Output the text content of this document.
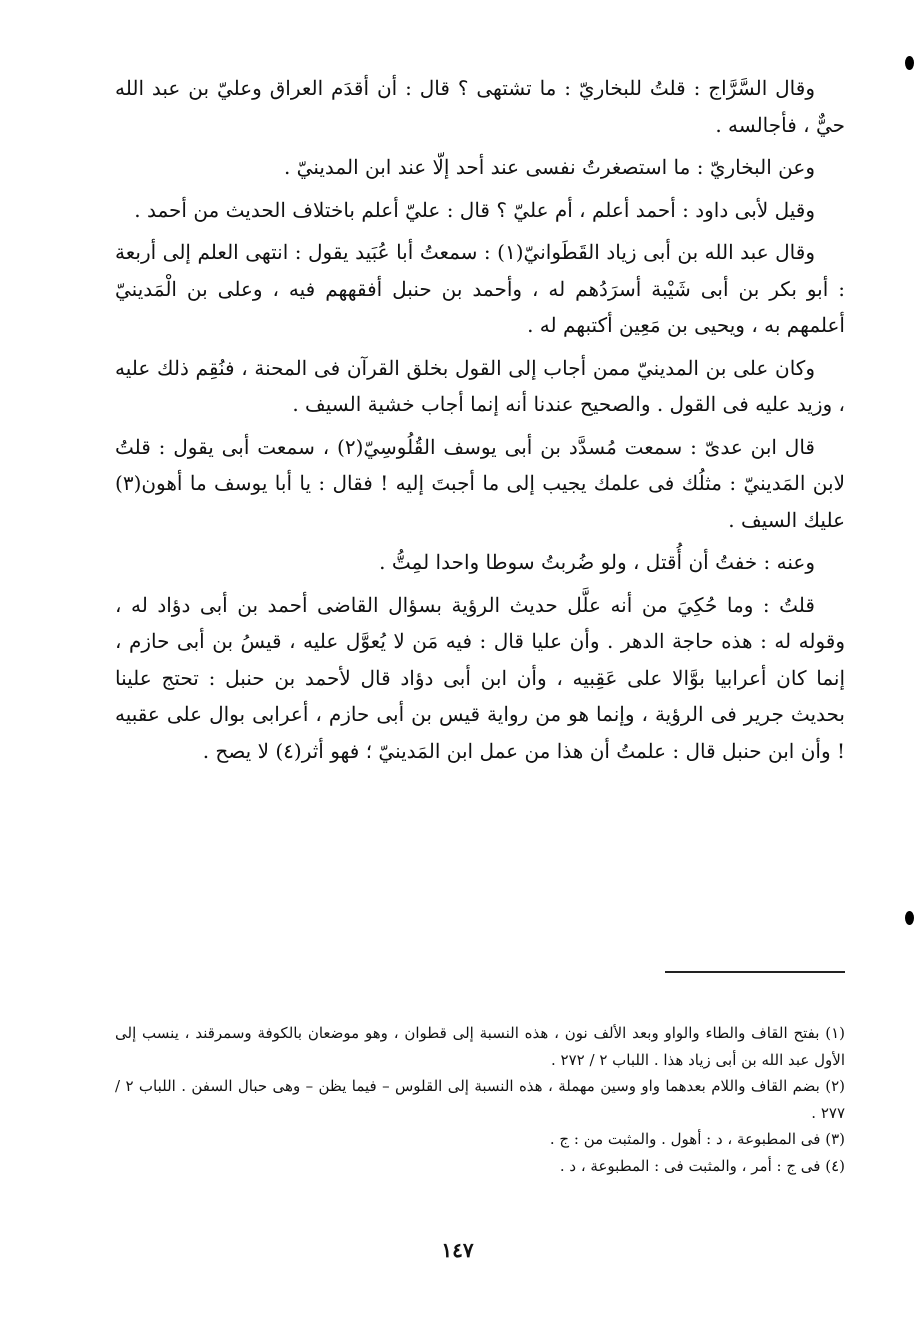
وقال السَّرَّاج : قلتُ للبخاريّ : ما تشتهى ؟ قال : أن أقدَم العراق وعليّ بن عبد الله حيٌّ ، فأجالسه .

وعن البخاريّ : ما استصغرتُ نفسى عند أحد إلّا عند ابن المدينيّ .

وقيل لأبى داود : أحمد أعلم ، أم عليّ ؟ قال : عليّ أعلم باختلاف الحديث من أحمد .

وقال عبد الله بن أبى زياد القَطَوانيّ(١) : سمعتُ أبا عُبَيد يقول : انتهى العلم إلى أربعة : أبو بكر بن أبى شَيْبة أسرَدُهم له ، وأحمد بن حنبل أفقههم فيه ، وعلى بن الْمَدينيّ أعلمهم به ، ويحيى بن مَعِين أكتبهم له .

وكان على بن المدينيّ ممن أجاب إلى القول بخلق القرآن فى المحنة ، فنُقِم ذلك عليه ، وزيد عليه فى القول . والصحيح عندنا أنه إنما أجاب خشية السيف .

قال ابن عدىّ : سمعت مُسدَّد بن أبى يوسف القُلُوسِيّ(٢) ، سمعت أبى يقول : قلتُ لابن المَدينيّ : مثلُك فى علمك يجيب إلى ما أجبتَ إليه ! فقال : يا أبا يوسف ما أهون(٣) عليك السيف .

وعنه : خفتُ أن أُقتل ، ولو ضُربتُ سوطا واحدا لمِتُّ .

قلتُ : وما حُكِيَ من أنه علَّل حديث الرؤية بسؤال القاضى أحمد بن أبى دؤاد له ، وقوله له : هذه حاجة الدهر . وأن عليا قال : فيه مَن لا يُعوَّل عليه ، قيسُ بن أبى حازم ، إنما كان أعرابيا بوَّالا على عَقِبيه ، وأن ابن أبى دؤاد قال لأحمد بن حنبل : تحتج علينا بحديث جرير فى الرؤية ، وإنما هو من رواية قيس بن أبى حازم ، أعرابى بوال على عقبيه ! وأن ابن حنبل قال : علمتُ أن هذا من عمل ابن المَدينيّ ؛ فهو أثر(٤) لا يصح .

(١) بفتح القاف والطاء والواو وبعد الألف نون ، هذه النسبة إلى قطوان ، وهو موضعان بالكوفة وسمرقند ، ينسب إلى الأول عبد الله بن أبى زياد هذا . اللباب ٢ / ٢٧٢ .

(٢) بضم القاف واللام بعدهما واو وسين مهملة ، هذه النسبة إلى القلوس – فيما يظن – وهى حبال السفن . اللباب ٢ / ٢٧٧ .

(٣) فى المطبوعة ، د : أهول . والمثبت من : ج .

(٤) فى ج : أمر ، والمثبت فى : المطبوعة ، د .

١٤٧
